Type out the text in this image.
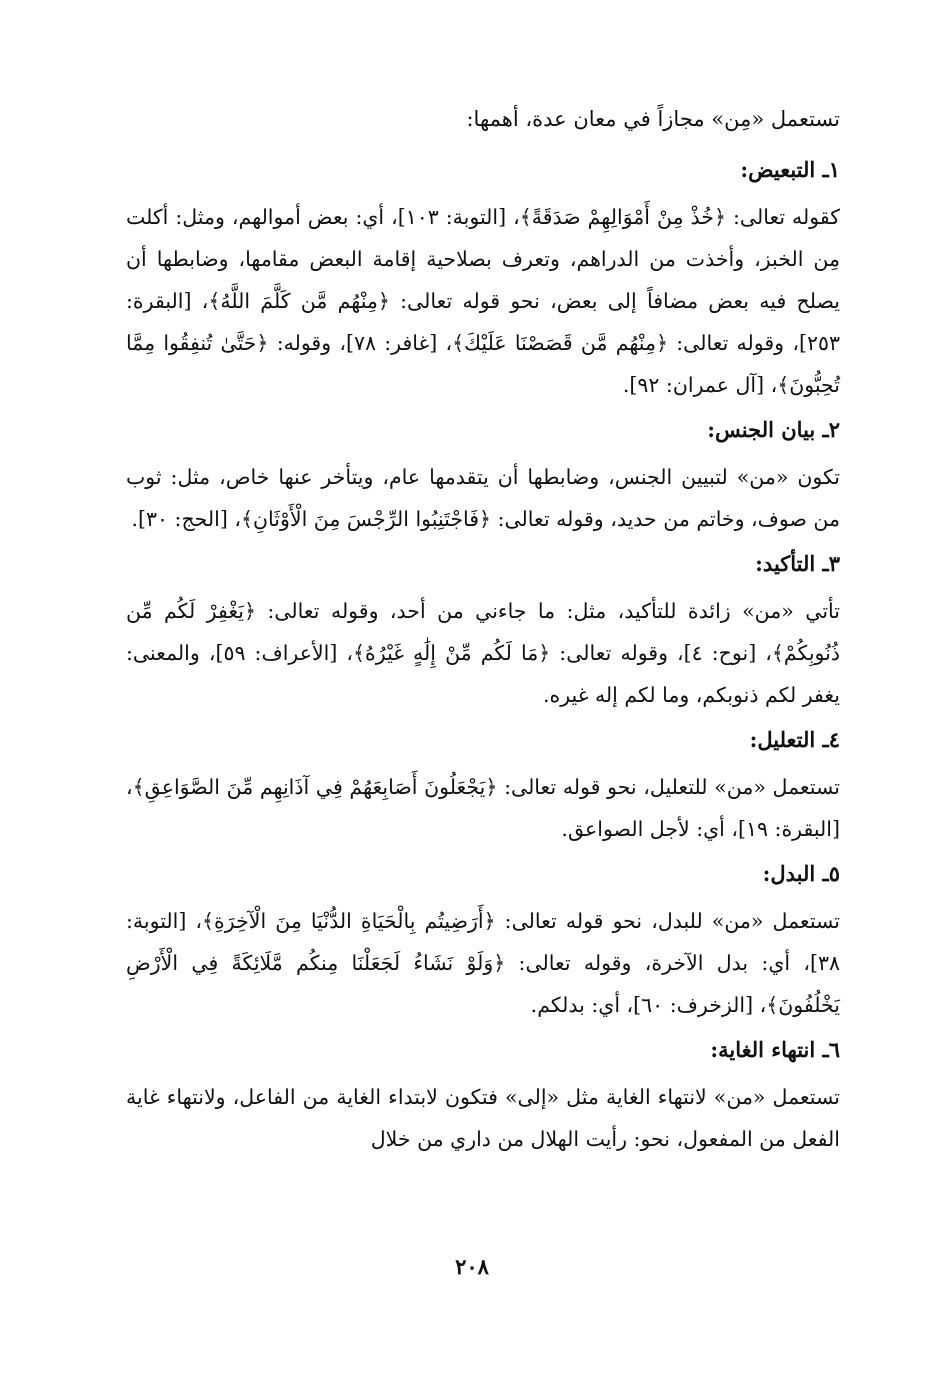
تستعمل «مِن» مجازاً في معان عدة، أهمها:

١ـ التبعيض:

كقوله تعالى: ﴿خُذْ مِنْ أَمْوَالِهِمْ صَدَقَةً﴾، [التوبة: ١٠٣]، أي: بعض أموالهم، ومثل: أكلت مِن الخبز، وأخذت من الدراهم، وتعرف بصلاحية إقامة البعض مقامها، وضابطها أن يصلح فيه بعض مضافاً إلى بعض، نحو قوله تعالى: ﴿مِنْهُم مَّن كَلَّمَ اللَّهُ﴾، [البقرة: ٢٥٣]، وقوله تعالى: ﴿مِنْهُم مَّن قَصَصْنَا عَلَيْكَ﴾، [غافر: ٧٨]، وقوله: ﴿حَتَّىٰ تُنفِقُوا مِمَّا تُحِبُّونَ﴾، [آل عمران: ٩٢].

٢ـ بيان الجنس:

تكون «من» لتبيين الجنس، وضابطها أن يتقدمها عام، ويتأخر عنها خاص، مثل: ثوب من صوف، وخاتم من حديد، وقوله تعالى: ﴿فَاجْتَنِبُوا الرِّجْسَ مِنَ الْأَوْثَانِ﴾، [الحج: ٣٠].

٣ـ التأكيد:

تأتي «من» زائدة للتأكيد، مثل: ما جاءني من أحد، وقوله تعالى: ﴿يَغْفِرْ لَكُم مِّن ذُنُوبِكُمْ﴾، [نوح: ٤]، وقوله تعالى: ﴿مَا لَكُم مِّنْ إِلَٰهٍ غَيْرُهُ﴾، [الأعراف: ٥٩]، والمعنى: يغفر لكم ذنوبكم، وما لكم إله غيره.

٤ـ التعليل:

تستعمل «من» للتعليل، نحو قوله تعالى: ﴿يَجْعَلُونَ أَصَابِعَهُمْ فِي آذَانِهِم مِّنَ الصَّوَاعِقِ﴾، [البقرة: ١٩]، أي: لأجل الصواعق.

٥ـ البدل:

تستعمل «من» للبدل، نحو قوله تعالى: ﴿أَرَضِيتُم بِالْحَيَاةِ الدُّنْيَا مِنَ الْآخِرَةِ﴾، [التوبة: ٣٨]، أي: بدل الآخرة، وقوله تعالى: ﴿وَلَوْ نَشَاءُ لَجَعَلْنَا مِنكُم مَّلَائِكَةً فِي الْأَرْضِ يَخْلُفُونَ﴾، [الزخرف: ٦٠]، أي: بدلكم.

٦ـ انتهاء الغاية:

تستعمل «من» لانتهاء الغاية مثل «إلى» فتكون لابتداء الغاية من الفاعل، ولانتهاء غاية الفعل من المفعول، نحو: رأيت الهلال من داري من خلال

٢٠٨
